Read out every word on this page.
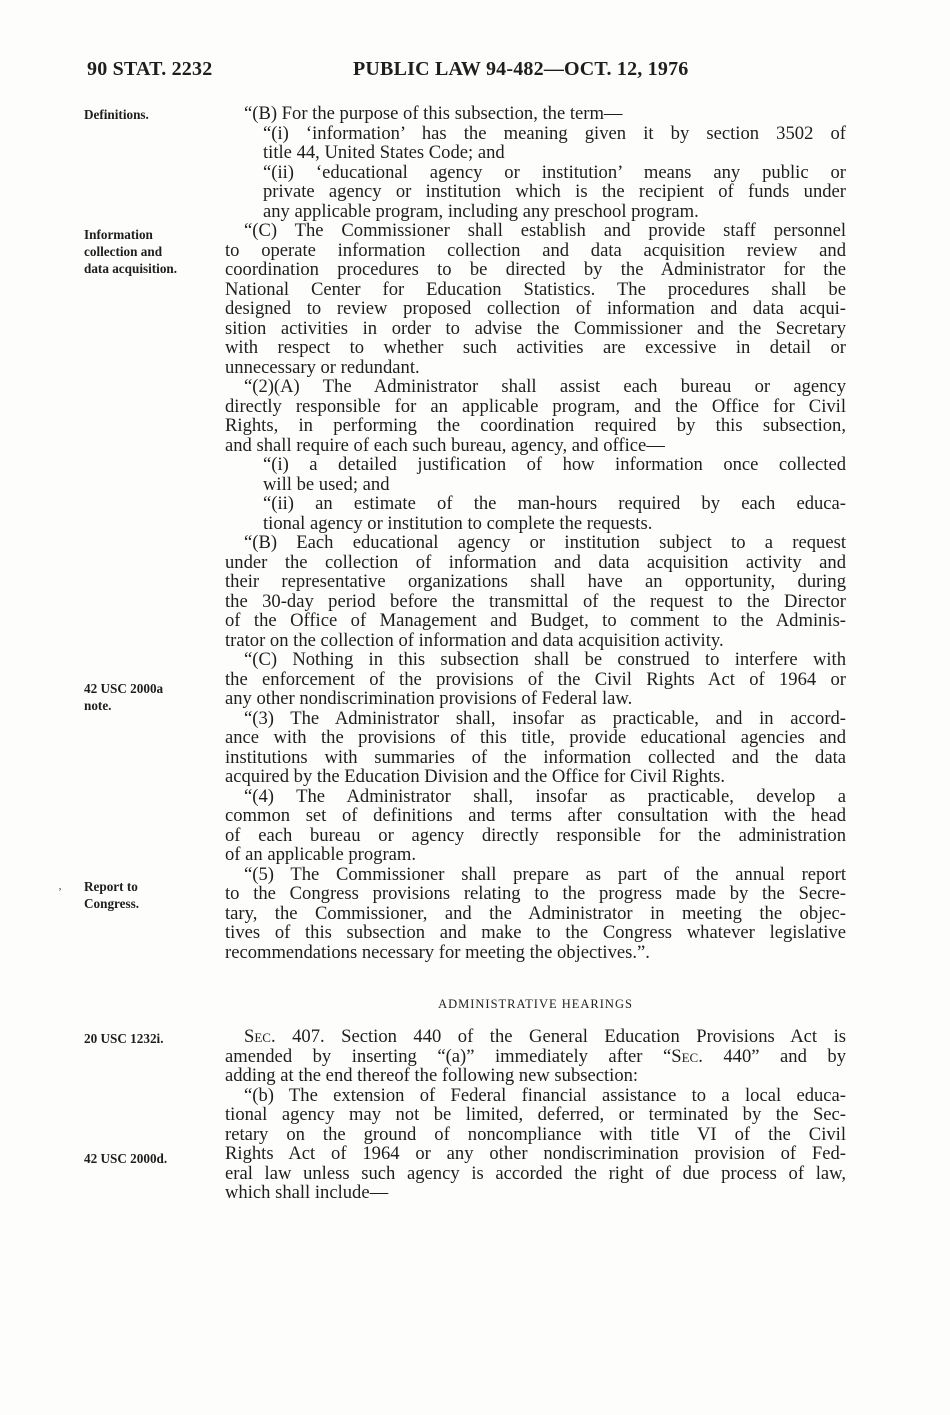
90 STAT. 2232	PUBLIC LAW 94-482—OCT. 12, 1976
Definitions.
Information
collection and
data acquisition.
42 USC 2000a
note.
‚ Report to
Congress.
20 USC 1232i.
42 USC 2000d.
“(B) For the purpose of this subsection, the term—
“(i) ‘information’ has the meaning given it by section 3502 of
title 44, United States Code; and
“(ii) ‘educational agency or institution’ means any public or
private agency or institution which is the recipient of funds under
any applicable program, including any preschool program.
“(C) The Commissioner shall establish and provide staff personnel
to operate information collection and data acquisition review and
coordination procedures to be directed by the Administrator for the
National Center for Education Statistics. The procedures shall be
designed to review proposed collection of information and data acqui-
sition activities in order to advise the Commissioner and the Secretary
with respect to whether such activities are excessive in detail or
unnecessary or redundant.
“(2)(A) The Administrator shall assist each bureau or agency
directly responsible for an applicable program, and the Office for Civil
Rights, in performing the coordination required by this subsection,
and shall require of each such bureau, agency, and office—
“(i) a detailed justification of how information once collected
will be used; and
“(ii) an estimate of the man-hours required by each educa-
tional agency or institution to complete the requests.
“(B) Each educational agency or institution subject to a request
under the collection of information and data acquisition activity and
their representative organizations shall have an opportunity, during
the 30-day period before the transmittal of the request to the Director
of the Office of Management and Budget, to comment to the Adminis-
trator on the collection of information and data acquisition activity.
“(C) Nothing in this subsection shall be construed to interfere with
the enforcement of the provisions of the Civil Rights Act of 1964 or
any other nondiscrimination provisions of Federal law.
“(3) The Administrator shall, insofar as practicable, and in accord-
ance with the provisions of this title, provide educational agencies and
institutions with summaries of the information collected and the data
acquired by the Education Division and the Office for Civil Rights.
“(4) The Administrator shall, insofar as practicable, develop a
common set of definitions and terms after consultation with the head
of each bureau or agency directly responsible for the administration
of an applicable program.
“(5) The Commissioner shall prepare as part of the annual report
to the Congress provisions relating to the progress made by the Secre-
tary, the Commissioner, and the Administrator in meeting the objec-
tives of this subsection and make to the Congress whatever legislative
recommendations necessary for meeting the objectives.”.
ADMINISTRATIVE HEARINGS
Sec. 407. Section 440 of the General Education Provisions Act is
amended by inserting “(a)” immediately after “Sec. 440” and by
adding at the end thereof the following new subsection:
“(b) The extension of Federal financial assistance to a local educa-
tional agency may not be limited, deferred, or terminated by the Sec-
retary on the ground of noncompliance with title VI of the Civil
Rights Act of 1964 or any other nondiscrimination provision of Fed-
eral law unless such agency is accorded the right of due process of law,
which shall include—
